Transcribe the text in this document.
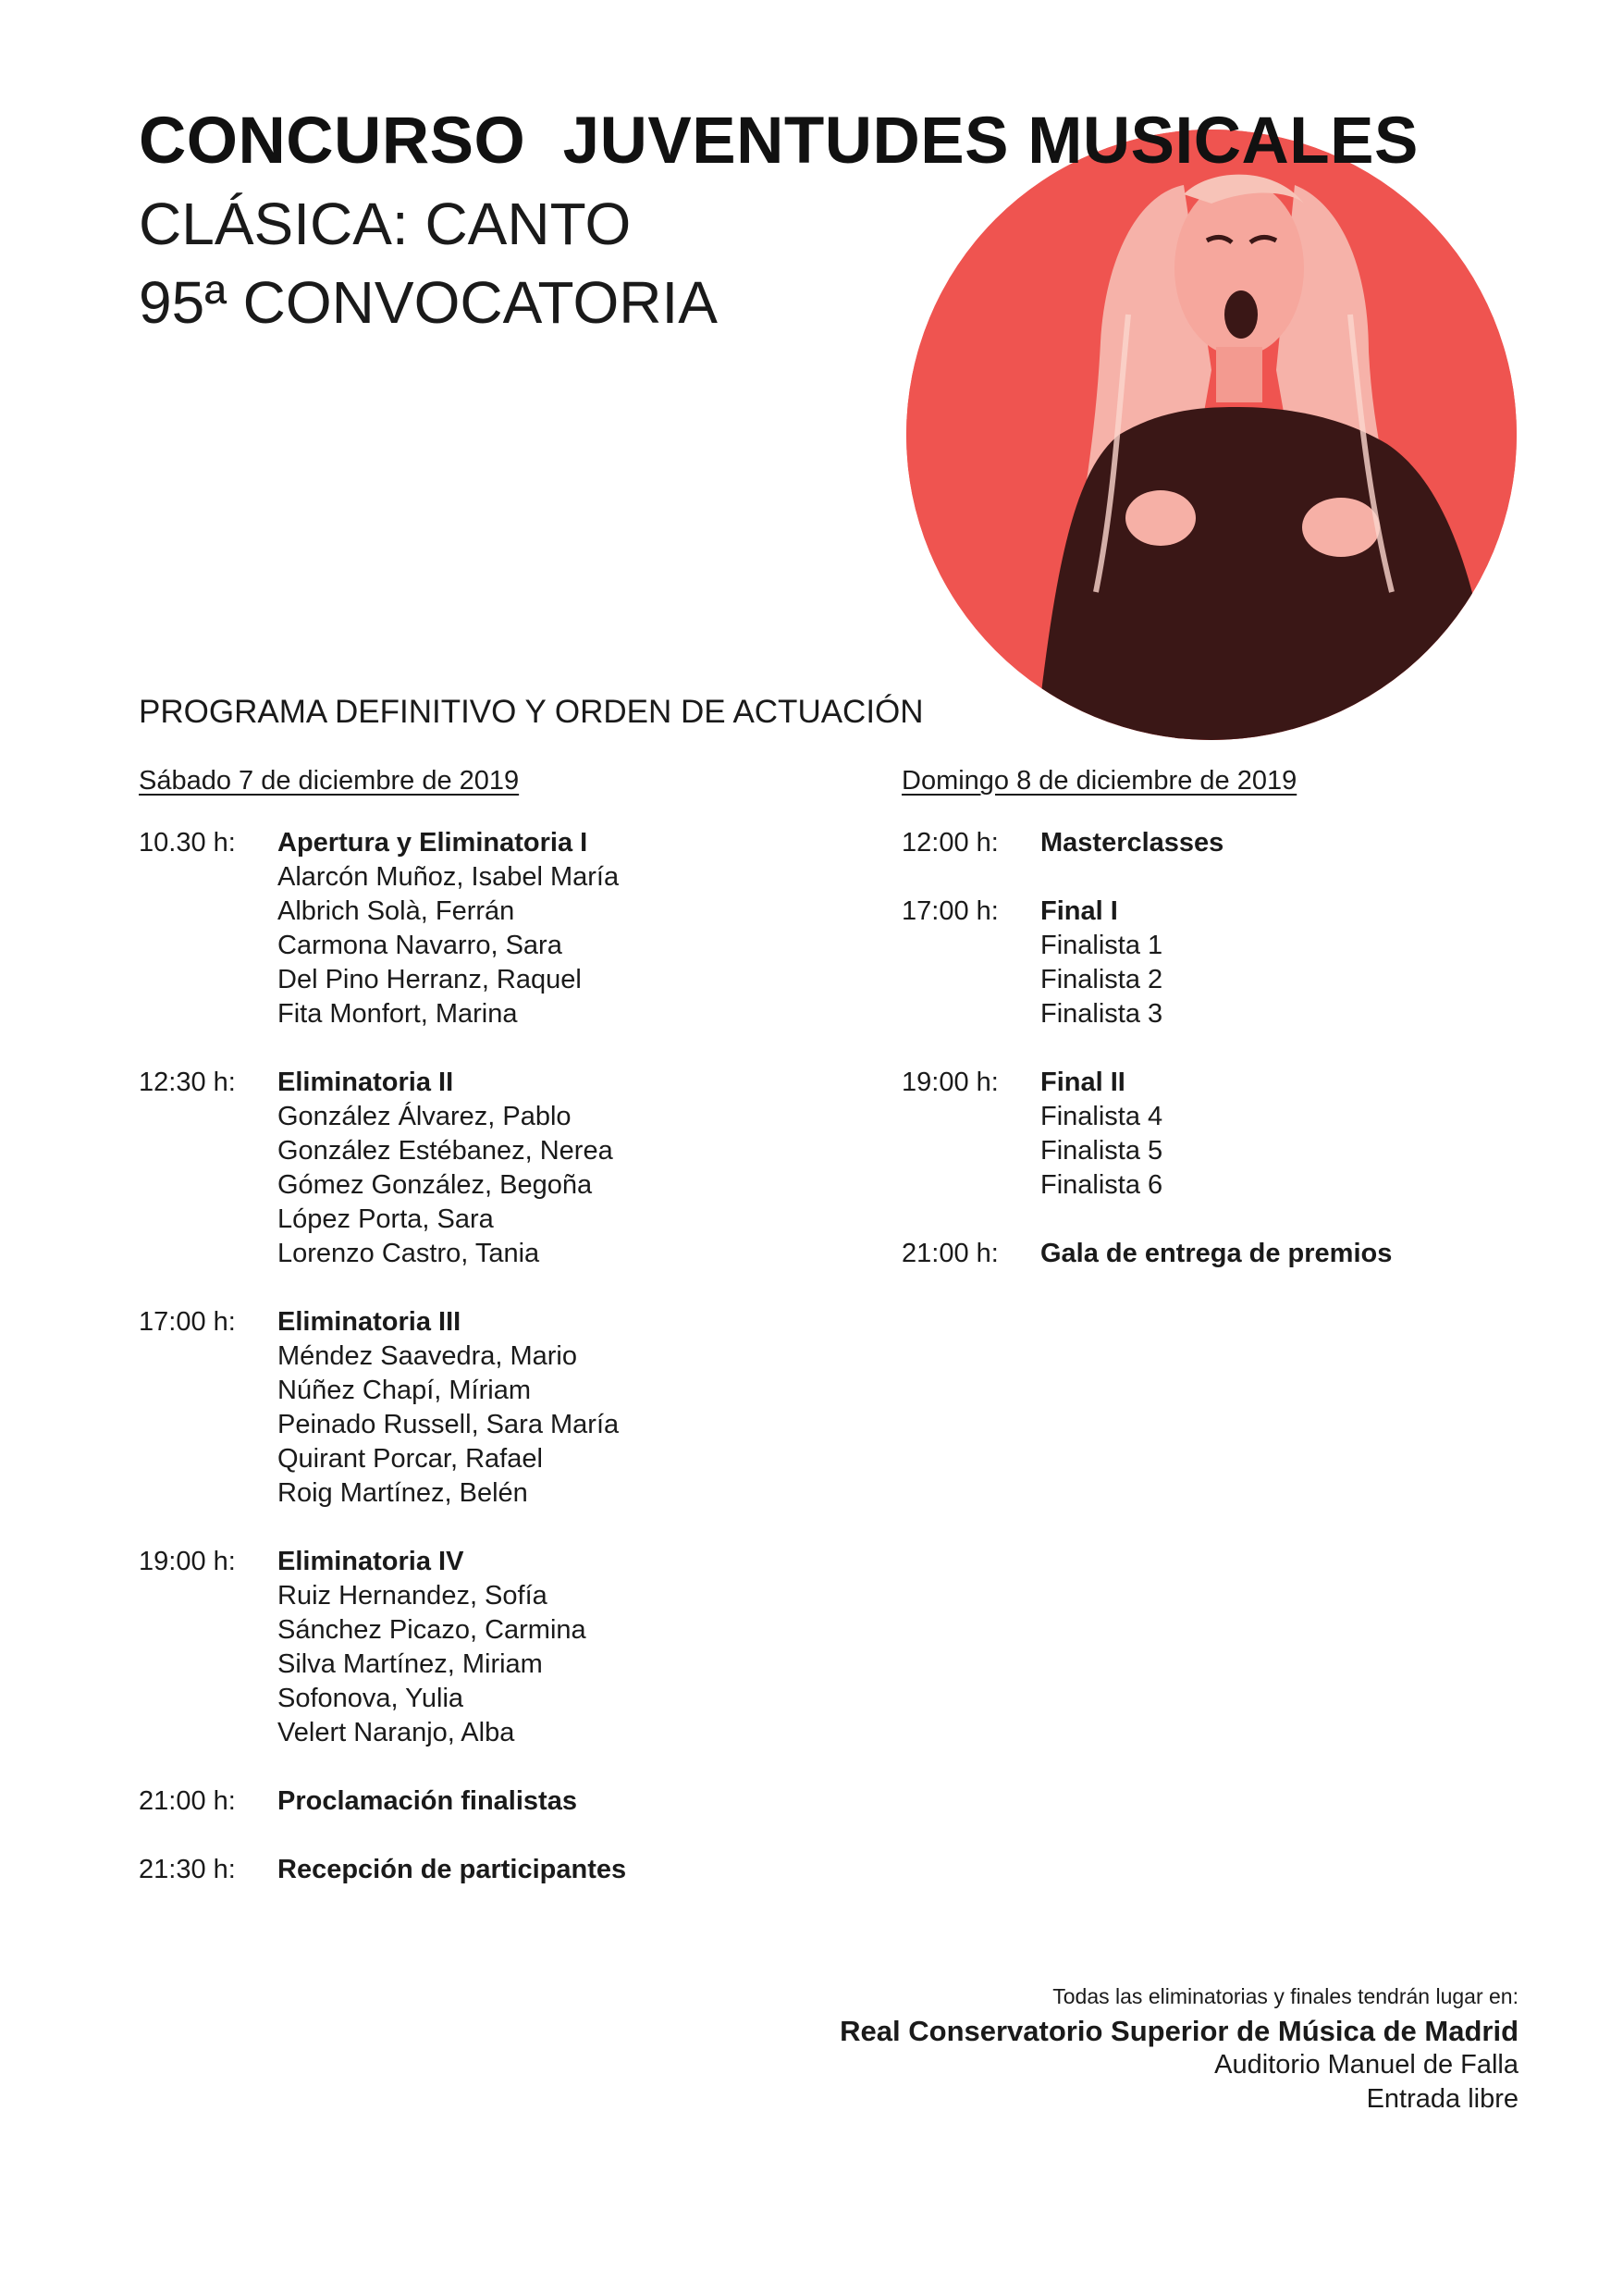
CONCURSO  JUVENTUDES MUSICALES
CLÁSICA: CANTO
95ª CONVOCATORIA
PROGRAMA DEFINITIVO Y ORDEN DE ACTUACIÓN
Sábado 7 de diciembre de 2019
10.30 h:	Apertura y Eliminatoria I
Alarcón Muñoz, Isabel María
Albrich Solà, Ferrán
Carmona Navarro, Sara
Del Pino Herranz, Raquel
Fita Monfort, Marina
12:30 h:	Eliminatoria II
González Álvarez, Pablo
González Estébanez, Nerea
Gómez González, Begoña
López Porta, Sara
Lorenzo Castro, Tania
17:00 h:	Eliminatoria III
Méndez Saavedra, Mario
Núñez Chapí, Míriam
Peinado Russell, Sara María
Quirant Porcar, Rafael
Roig Martínez, Belén
19:00 h:	Eliminatoria IV
Ruiz Hernandez, Sofía
Sánchez Picazo, Carmina
Silva Martínez, Miriam
Sofonova, Yulia
Velert Naranjo, Alba
21:00 h:	Proclamación finalistas
21:30 h:	Recepción de participantes
Domingo 8 de diciembre de 2019
12:00 h:	Masterclasses
17:00 h:	Final I
Finalista 1
Finalista 2
Finalista 3
19:00 h:	Final II
Finalista 4
Finalista 5
Finalista 6
21:00 h:	Gala de entrega de premios
Todas las eliminatorias y finales tendrán lugar en:
Real Conservatorio Superior de Música de Madrid
Auditorio Manuel de Falla
Entrada libre
